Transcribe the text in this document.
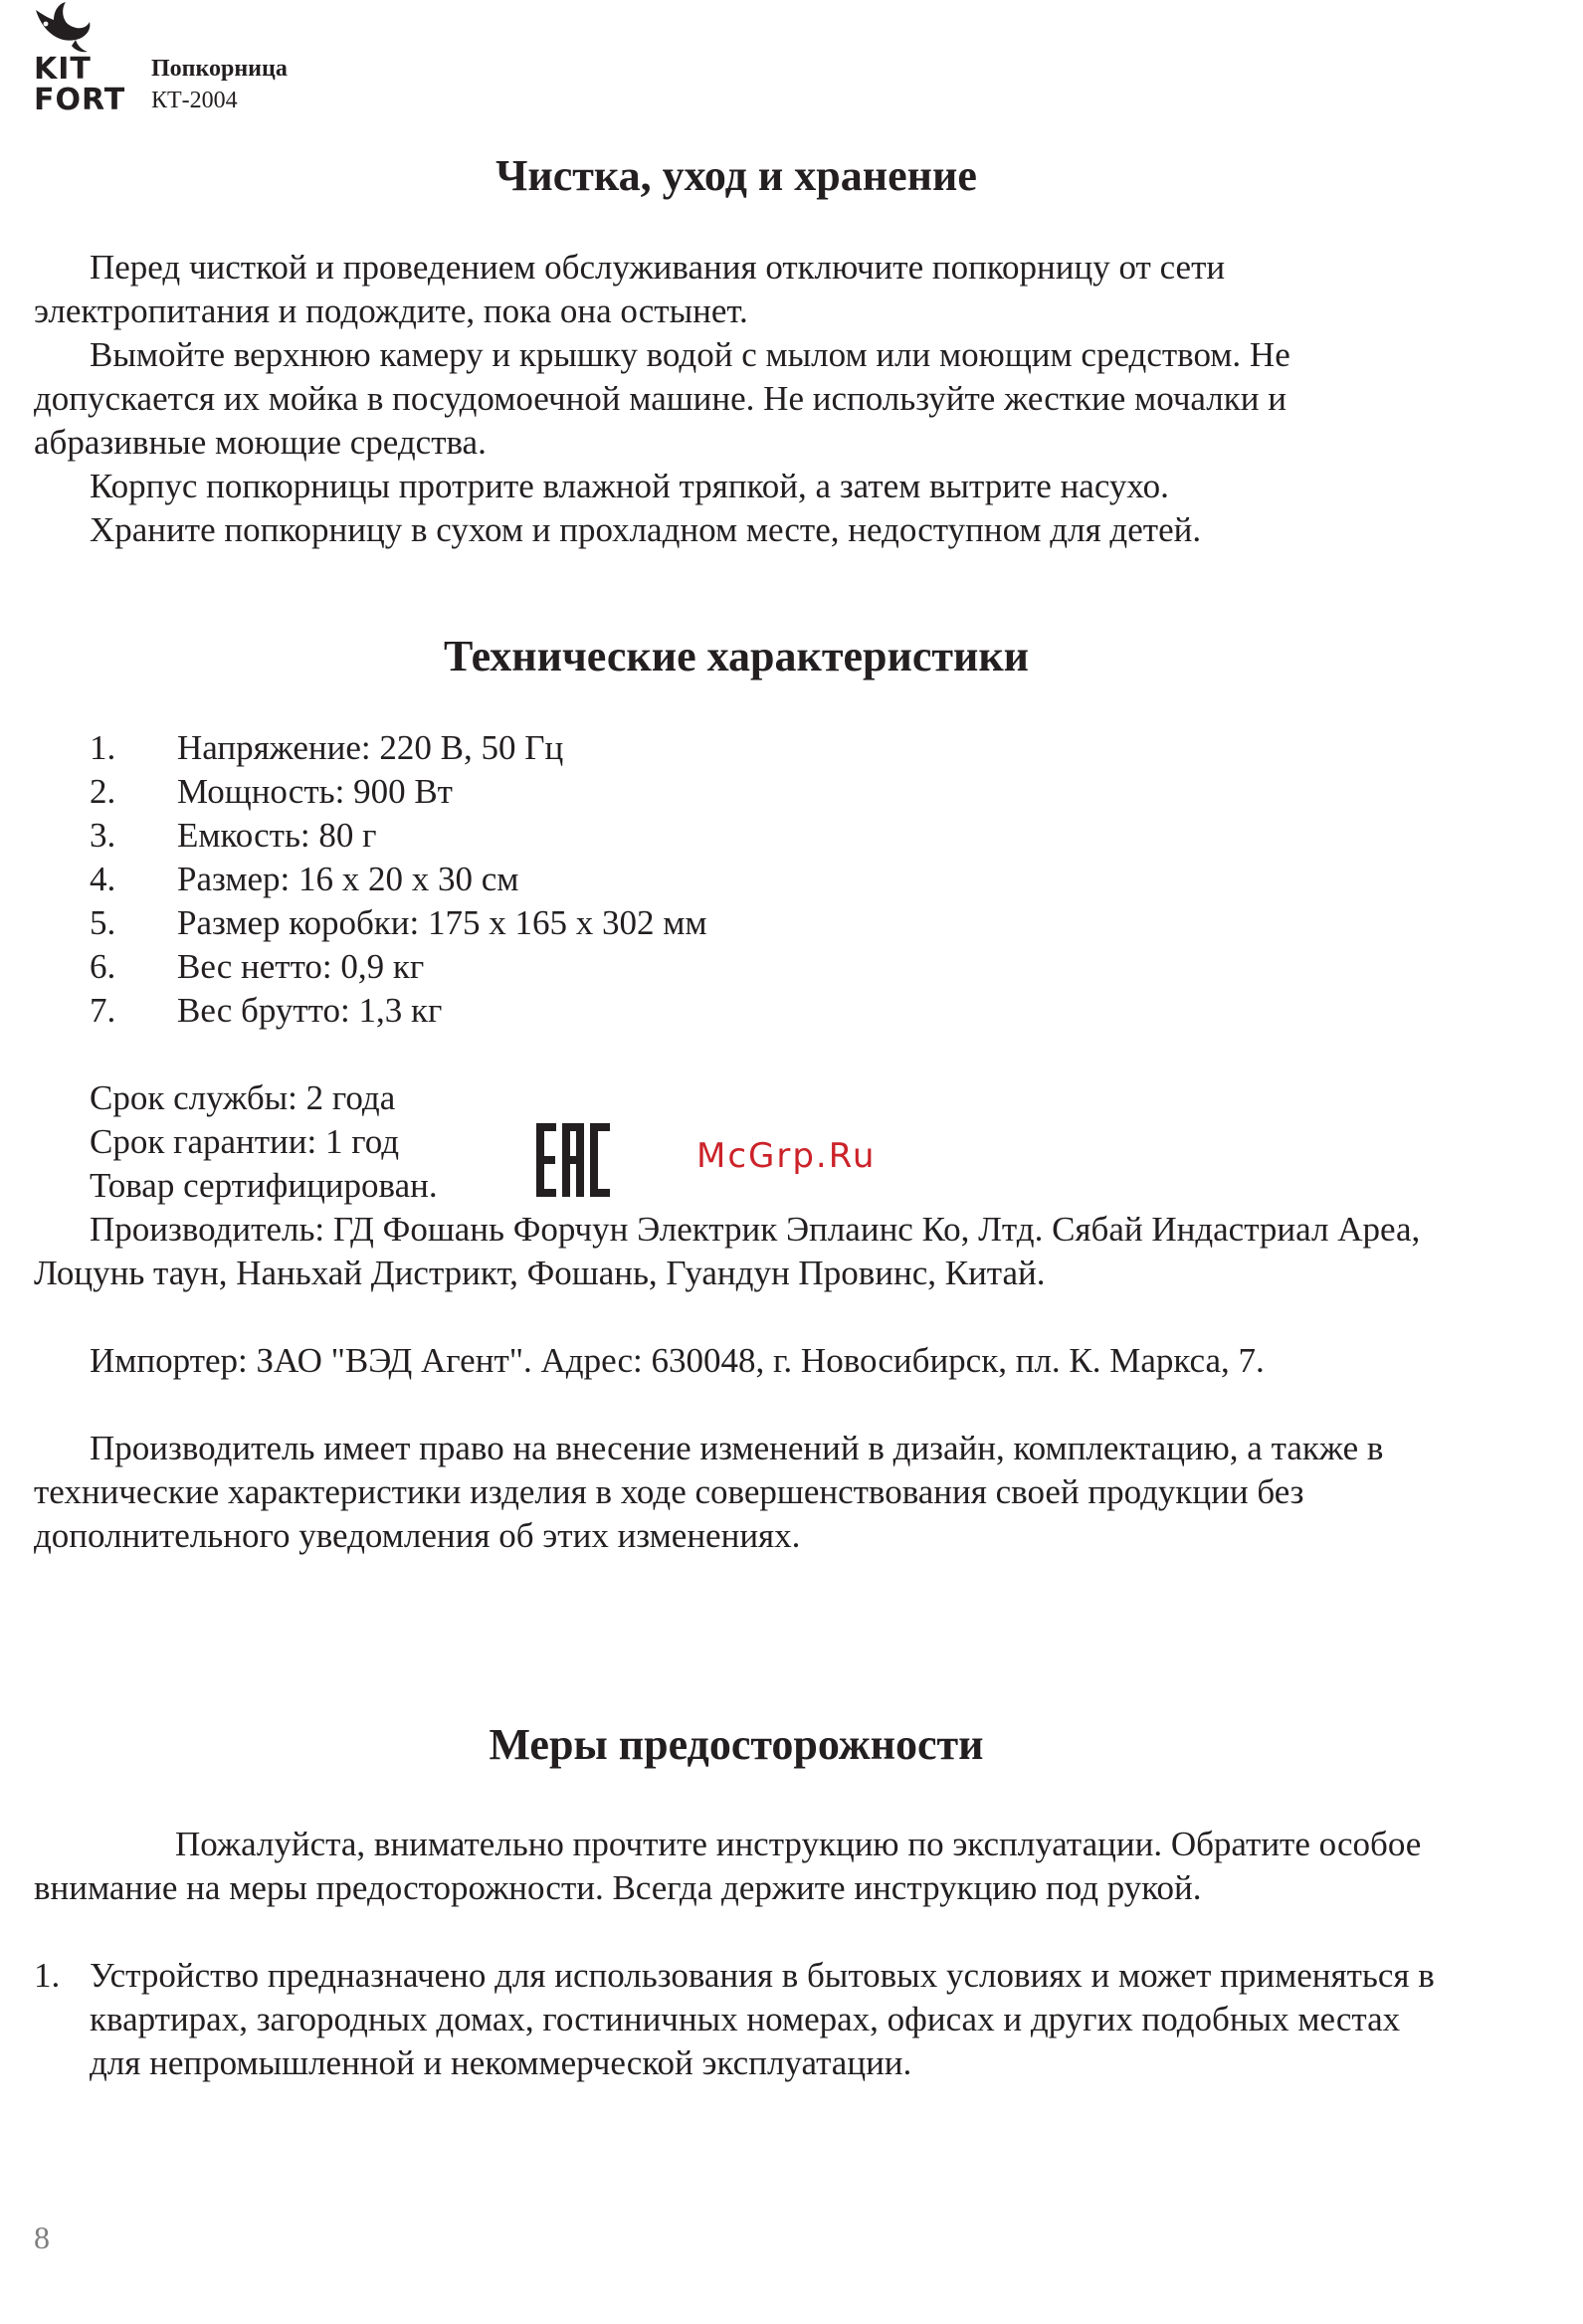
KIT
FORT
Попкорница
КТ-2004
Чистка, уход и хранение

Перед чисткой и проведением обслуживания отключите попкорницу от сети электропитания и подождите, пока она остынет.

Вымойте верхнюю камеру и крышку водой с мылом или моющим средством. Не допускается их мойка в посудомоечной машине. Не используйте жесткие мочалки и абразивные моющие средства.

Корпус попкорницы протрите влажной тряпкой, а затем вытрите насухо.

Храните попкорницу в сухом и прохладном месте, недоступном для детей.

Технические характеристики
1.	Напряжение: 220 В, 50 Гц
2.	Мощность: 900 Вт
3.	Емкость: 80 г
4.	Размер: 16 х 20 х 30 см
5.	Размер коробки: 175 х 165 х 302 мм
6.	Вес нетто: 0,9 кг
7.	Вес брутто: 1,3 кг
Срок службы: 2 года
Срок гарантии: 1 год
Товар сертифицирован.
McGrp.Ru

Производитель: ГД Фошань Форчун Электрик Эплаинс Ко, Лтд. Сябай Индастриал Ареа, Лоцунь таун, Наньхай Дистрикт, Фошань, Гуандун Провинс, Китай.

Импортер: ЗАО "ВЭД Агент". Адрес: 630048, г. Новосибирск, пл. К. Маркса, 7.

Производитель имеет право на внесение изменений в дизайн, комплектацию, а также в технические характеристики изделия в ходе совершенствования своей продукции без дополнительного уведомления об этих изменениях.

Меры предосторожности

Пожалуйста, внимательно прочтите инструкцию по эксплуатации. Обратите особое внимание на меры предосторожности. Всегда держите инструкцию под рукой.

1. Устройство предназначено для использования в бытовых условиях и может применяться в квартирах, загородных домах, гостиничных номерах, офисах и других подобных местах для непромышленной и некоммерческой эксплуатации.
8
